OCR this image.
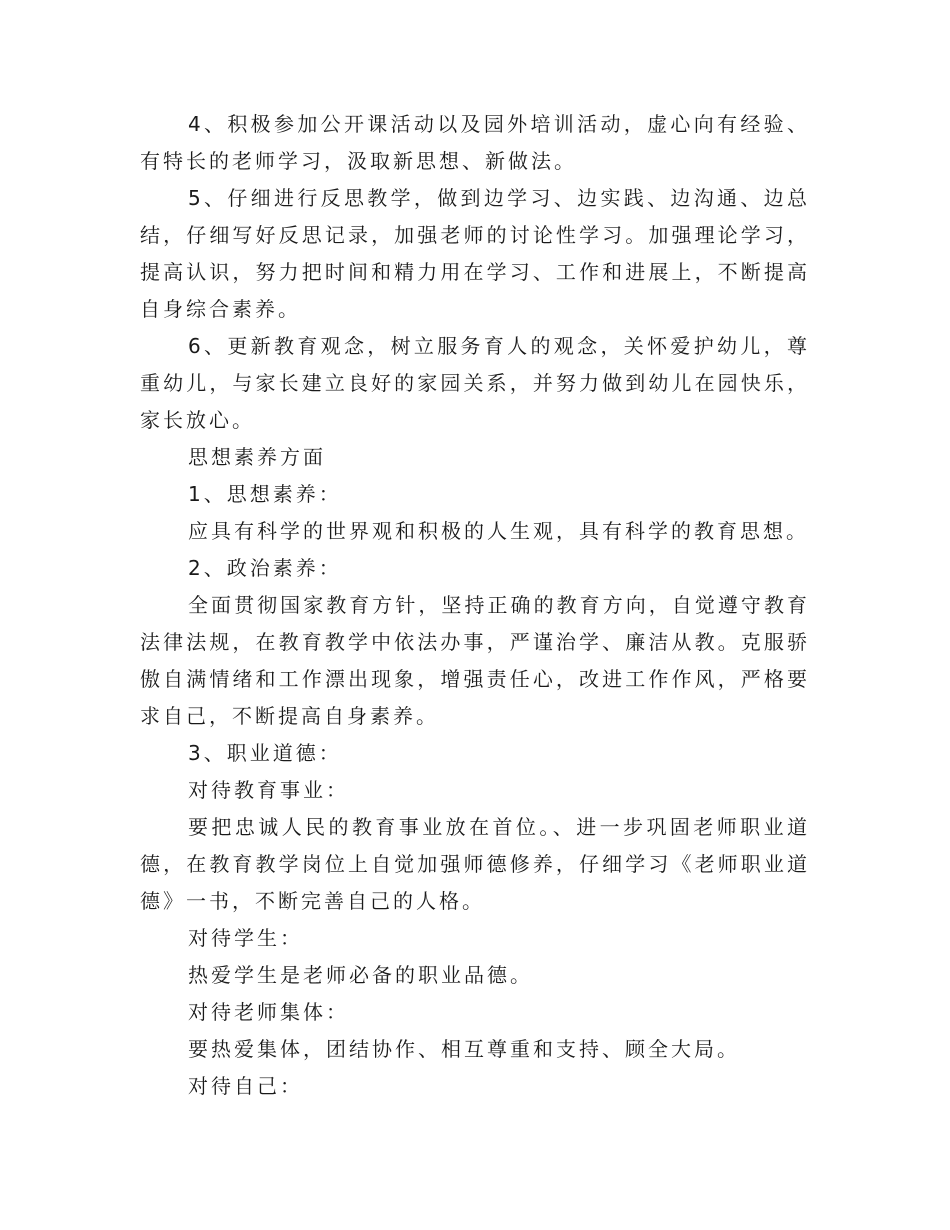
4、积极参加公开课活动以及园外培训活动，虚心向有经验、有特长的老师学习，汲取新思想、新做法。

5、仔细进行反思教学，做到边学习、边实践、边沟通、边总结，仔细写好反思记录，加强老师的讨论性学习。加强理论学习，提高认识，努力把时间和精力用在学习、工作和进展上，不断提高自身综合素养。

6、更新教育观念，树立服务育人的观念，关怀爱护幼儿，尊重幼儿，与家长建立良好的家园关系，并努力做到幼儿在园快乐，家长放心。

思想素养方面

1、思想素养：

应具有科学的世界观和积极的人生观，具有科学的教育思想。

2、政治素养：

全面贯彻国家教育方针，坚持正确的教育方向，自觉遵守教育法律法规，在教育教学中依法办事，严谨治学、廉洁从教。克服骄傲自满情绪和工作漂出现象，增强责任心，改进工作作风，严格要求自己，不断提高自身素养。

3、职业道德：

对待教育事业：

要把忠诚人民的教育事业放在首位。、进一步巩固老师职业道德，在教育教学岗位上自觉加强师德修养，仔细学习《老师职业道德》一书，不断完善自己的人格。

对待学生：

热爱学生是老师必备的职业品德。

对待老师集体：

要热爱集体，团结协作、相互尊重和支持、顾全大局。

对待自己：
